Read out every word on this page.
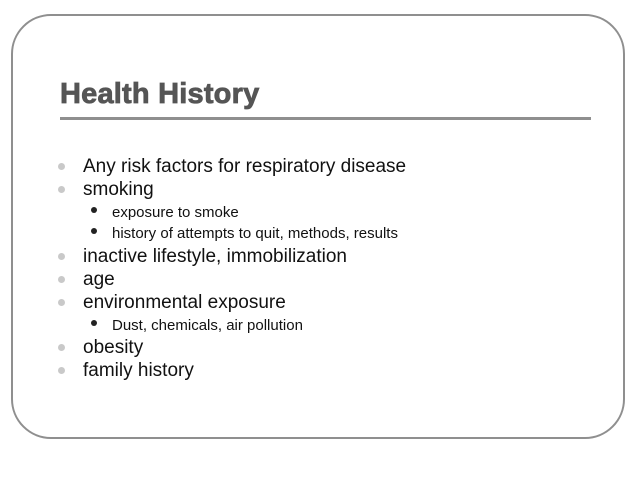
Health History
Any risk factors for respiratory disease
smoking
exposure to smoke
history of attempts to quit, methods, results
inactive lifestyle, immobilization
age
environmental exposure
Dust, chemicals, air pollution
obesity
family history
